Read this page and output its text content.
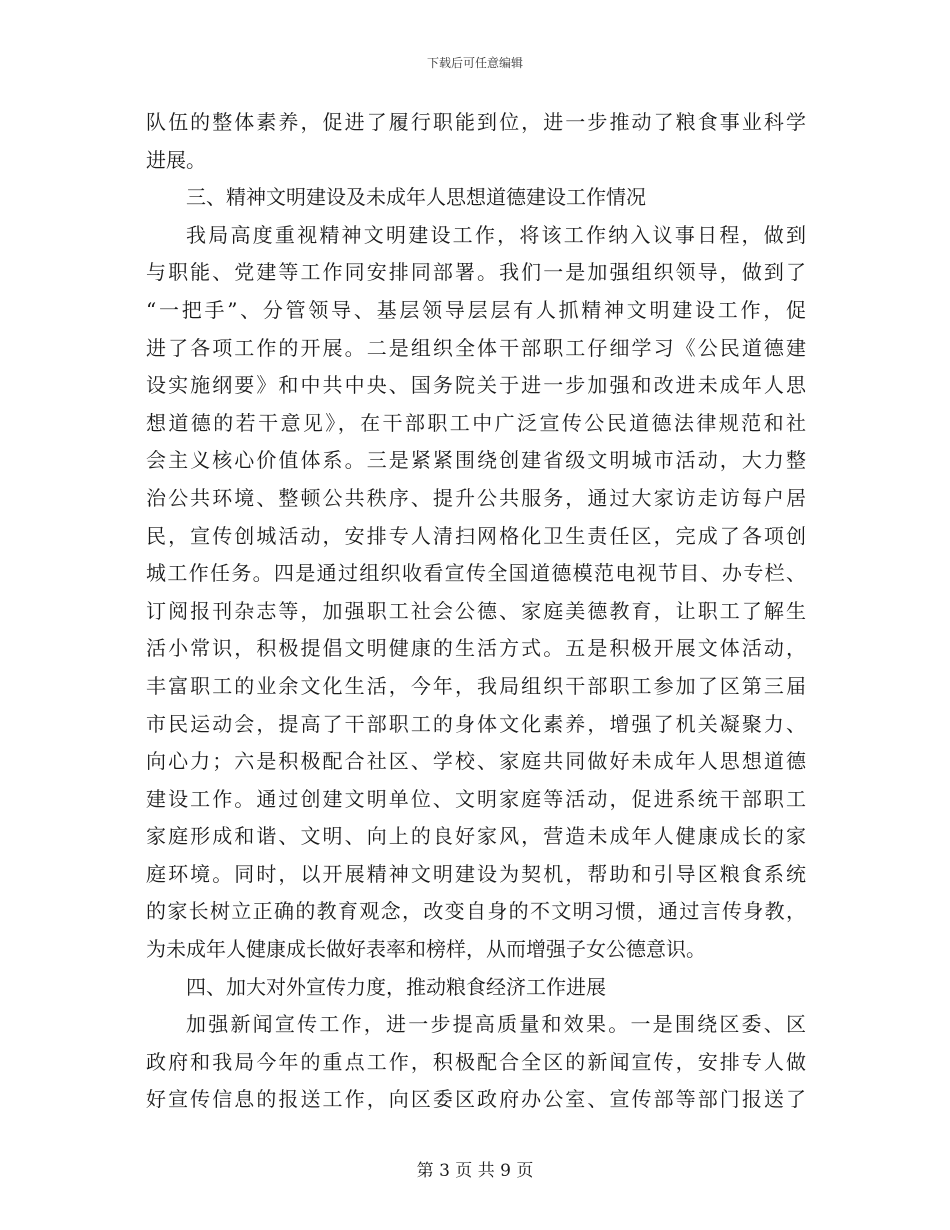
下载后可任意编辑
队伍的整体素养，促进了履行职能到位，进一步推动了粮食事业科学
进展。
三、精神文明建设及未成年人思想道德建设工作情况
我局高度重视精神文明建设工作，将该工作纳入议事日程，做到
与职能、党建等工作同安排同部署。我们一是加强组织领导，做到了
“一把手”、分管领导、基层领导层层有人抓精神文明建设工作，促
进了各项工作的开展。二是组织全体干部职工仔细学习《公民道德建
设实施纲要》和中共中央、国务院关于进一步加强和改进未成年人思
想道德的若干意见》，在干部职工中广泛宣传公民道德法律规范和社
会主义核心价值体系。三是紧紧围绕创建省级文明城市活动，大力整
治公共环境、整顿公共秩序、提升公共服务，通过大家访走访每户居
民，宣传创城活动，安排专人清扫网格化卫生责任区，完成了各项创
城工作任务。四是通过组织收看宣传全国道德模范电视节目、办专栏、
订阅报刊杂志等，加强职工社会公德、家庭美德教育，让职工了解生
活小常识，积极提倡文明健康的生活方式。五是积极开展文体活动，
丰富职工的业余文化生活，今年，我局组织干部职工参加了区第三届
市民运动会，提高了干部职工的身体文化素养，增强了机关凝聚力、
向心力；六是积极配合社区、学校、家庭共同做好未成年人思想道德
建设工作。通过创建文明单位、文明家庭等活动，促进系统干部职工
家庭形成和谐、文明、向上的良好家风，营造未成年人健康成长的家
庭环境。同时，以开展精神文明建设为契机，帮助和引导区粮食系统
的家长树立正确的教育观念，改变自身的不文明习惯，通过言传身教，
为未成年人健康成长做好表率和榜样，从而增强子女公德意识。
四、加大对外宣传力度，推动粮食经济工作进展
加强新闻宣传工作，进一步提高质量和效果。一是围绕区委、区
政府和我局今年的重点工作，积极配合全区的新闻宣传，安排专人做
好宣传信息的报送工作，向区委区政府办公室、宣传部等部门报送了
第 3 页 共 9 页
